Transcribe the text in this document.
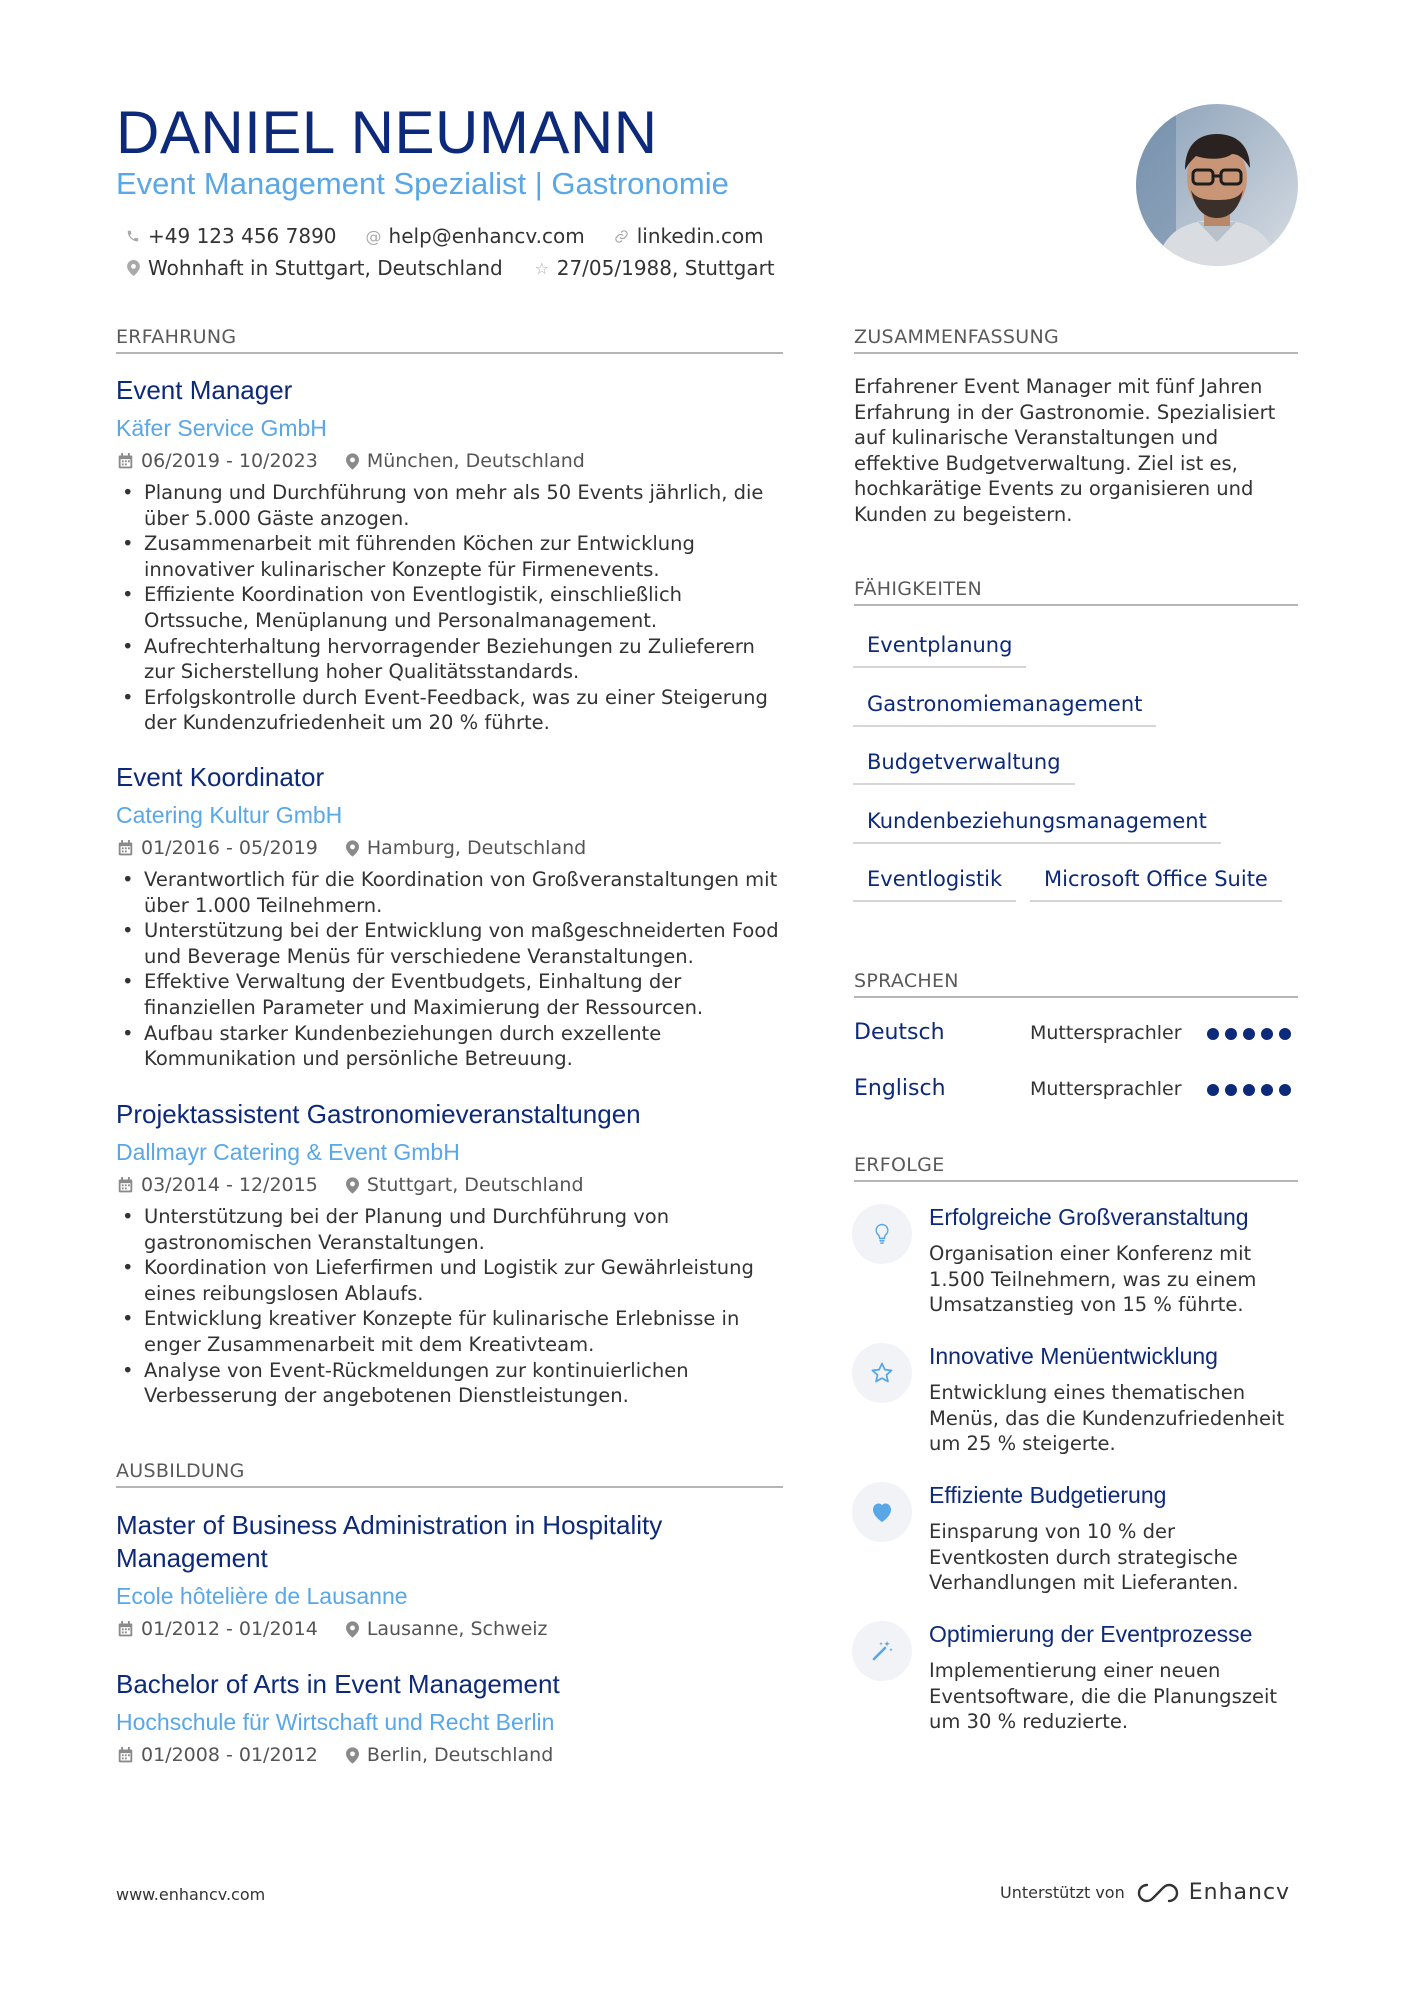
DANIEL NEUMANN
Event Management Spezialist | Gastronomie
+49 123 456 7890 @ help@enhancv.com	linkedin.com
Wohnhaft in Stuttgart, Deutschland ☆ 27/05/1988, Stuttgart
ERFAHRUNG
Event Manager
Käfer Service GmbH
06/2019 - 10/2023	München, Deutschland
• Planung und Durchführung von mehr als 50 Events jährlich, die über 5.000 Gäste anzogen.
• Zusammenarbeit mit führenden Köchen zur Entwicklung innovativer kulinarischer Konzepte für Firmenevents.
• Effiziente Koordination von Eventlogistik, einschließlich Ortssuche, Menüplanung und Personalmanagement.
• Aufrechterhaltung hervorragender Beziehungen zu Zulieferern zur Sicherstellung hoher Qualitätsstandards.
• Erfolgskontrolle durch Event-Feedback, was zu einer Steigerung der Kundenzufriedenheit um 20 % führte.
Event Koordinator
Catering Kultur GmbH
01/2016 - 05/2019	Hamburg, Deutschland
• Verantwortlich für die Koordination von Großveranstaltungen mit über 1.000 Teilnehmern.
• Unterstützung bei der Entwicklung von maßgeschneiderten Food und Beverage Menüs für verschiedene Veranstaltungen.
• Effektive Verwaltung der Eventbudgets, Einhaltung der finanziellen Parameter und Maximierung der Ressourcen.
• Aufbau starker Kundenbeziehungen durch exzellente Kommunikation und persönliche Betreuung.
Projektassistent Gastronomieveranstaltungen
Dallmayr Catering & Event GmbH
03/2014 - 12/2015	Stuttgart, Deutschland
• Unterstützung bei der Planung und Durchführung von gastronomischen Veranstaltungen.
• Koordination von Lieferfirmen und Logistik zur Gewährleistung eines reibungslosen Ablaufs.
• Entwicklung kreativer Konzepte für kulinarische Erlebnisse in enger Zusammenarbeit mit dem Kreativteam.
• Analyse von Event-Rückmeldungen zur kontinuierlichen Verbesserung der angebotenen Dienstleistungen.
AUSBILDUNG
Master of Business Administration in Hospitality
Management
Ecole hôtelière de Lausanne
01/2012 - 01/2014	Lausanne, Schweiz
Bachelor of Arts in Event Management
Hochschule für Wirtschaft und Recht Berlin
01/2008 - 01/2012	Berlin, Deutschland
ZUSAMMENFASSUNG
Erfahrener Event Manager mit fünf Jahren Erfahrung in der Gastronomie. Spezialisiert auf kulinarische Veranstaltungen und effektive Budgetverwaltung. Ziel ist es, hochkarätige Events zu organisieren und Kunden zu begeistern.
FÄHIGKEITEN
Eventplanung
Gastronomiemanagement
Budgetverwaltung
Kundenbeziehungsmanagement
Eventlogistik	Microsoft Office Suite
SPRACHEN
Deutsch	Muttersprachler
Englisch	Muttersprachler
ERFOLGE
Erfolgreiche Großveranstaltung
Organisation einer Konferenz mit 1.500 Teilnehmern, was zu einem Umsatzanstieg von 15 % führte.
Innovative Menüentwicklung
Entwicklung eines thematischen Menüs, das die Kundenzufriedenheit um 25 % steigerte.
Effiziente Budgetierung
Einsparung von 10 % der Eventkosten durch strategische Verhandlungen mit Lieferanten.
Optimierung der Eventprozesse
Implementierung einer neuen Eventsoftware, die die Planungszeit um 30 % reduzierte.
www.enhancv.com	Unterstützt von	Enhancv
